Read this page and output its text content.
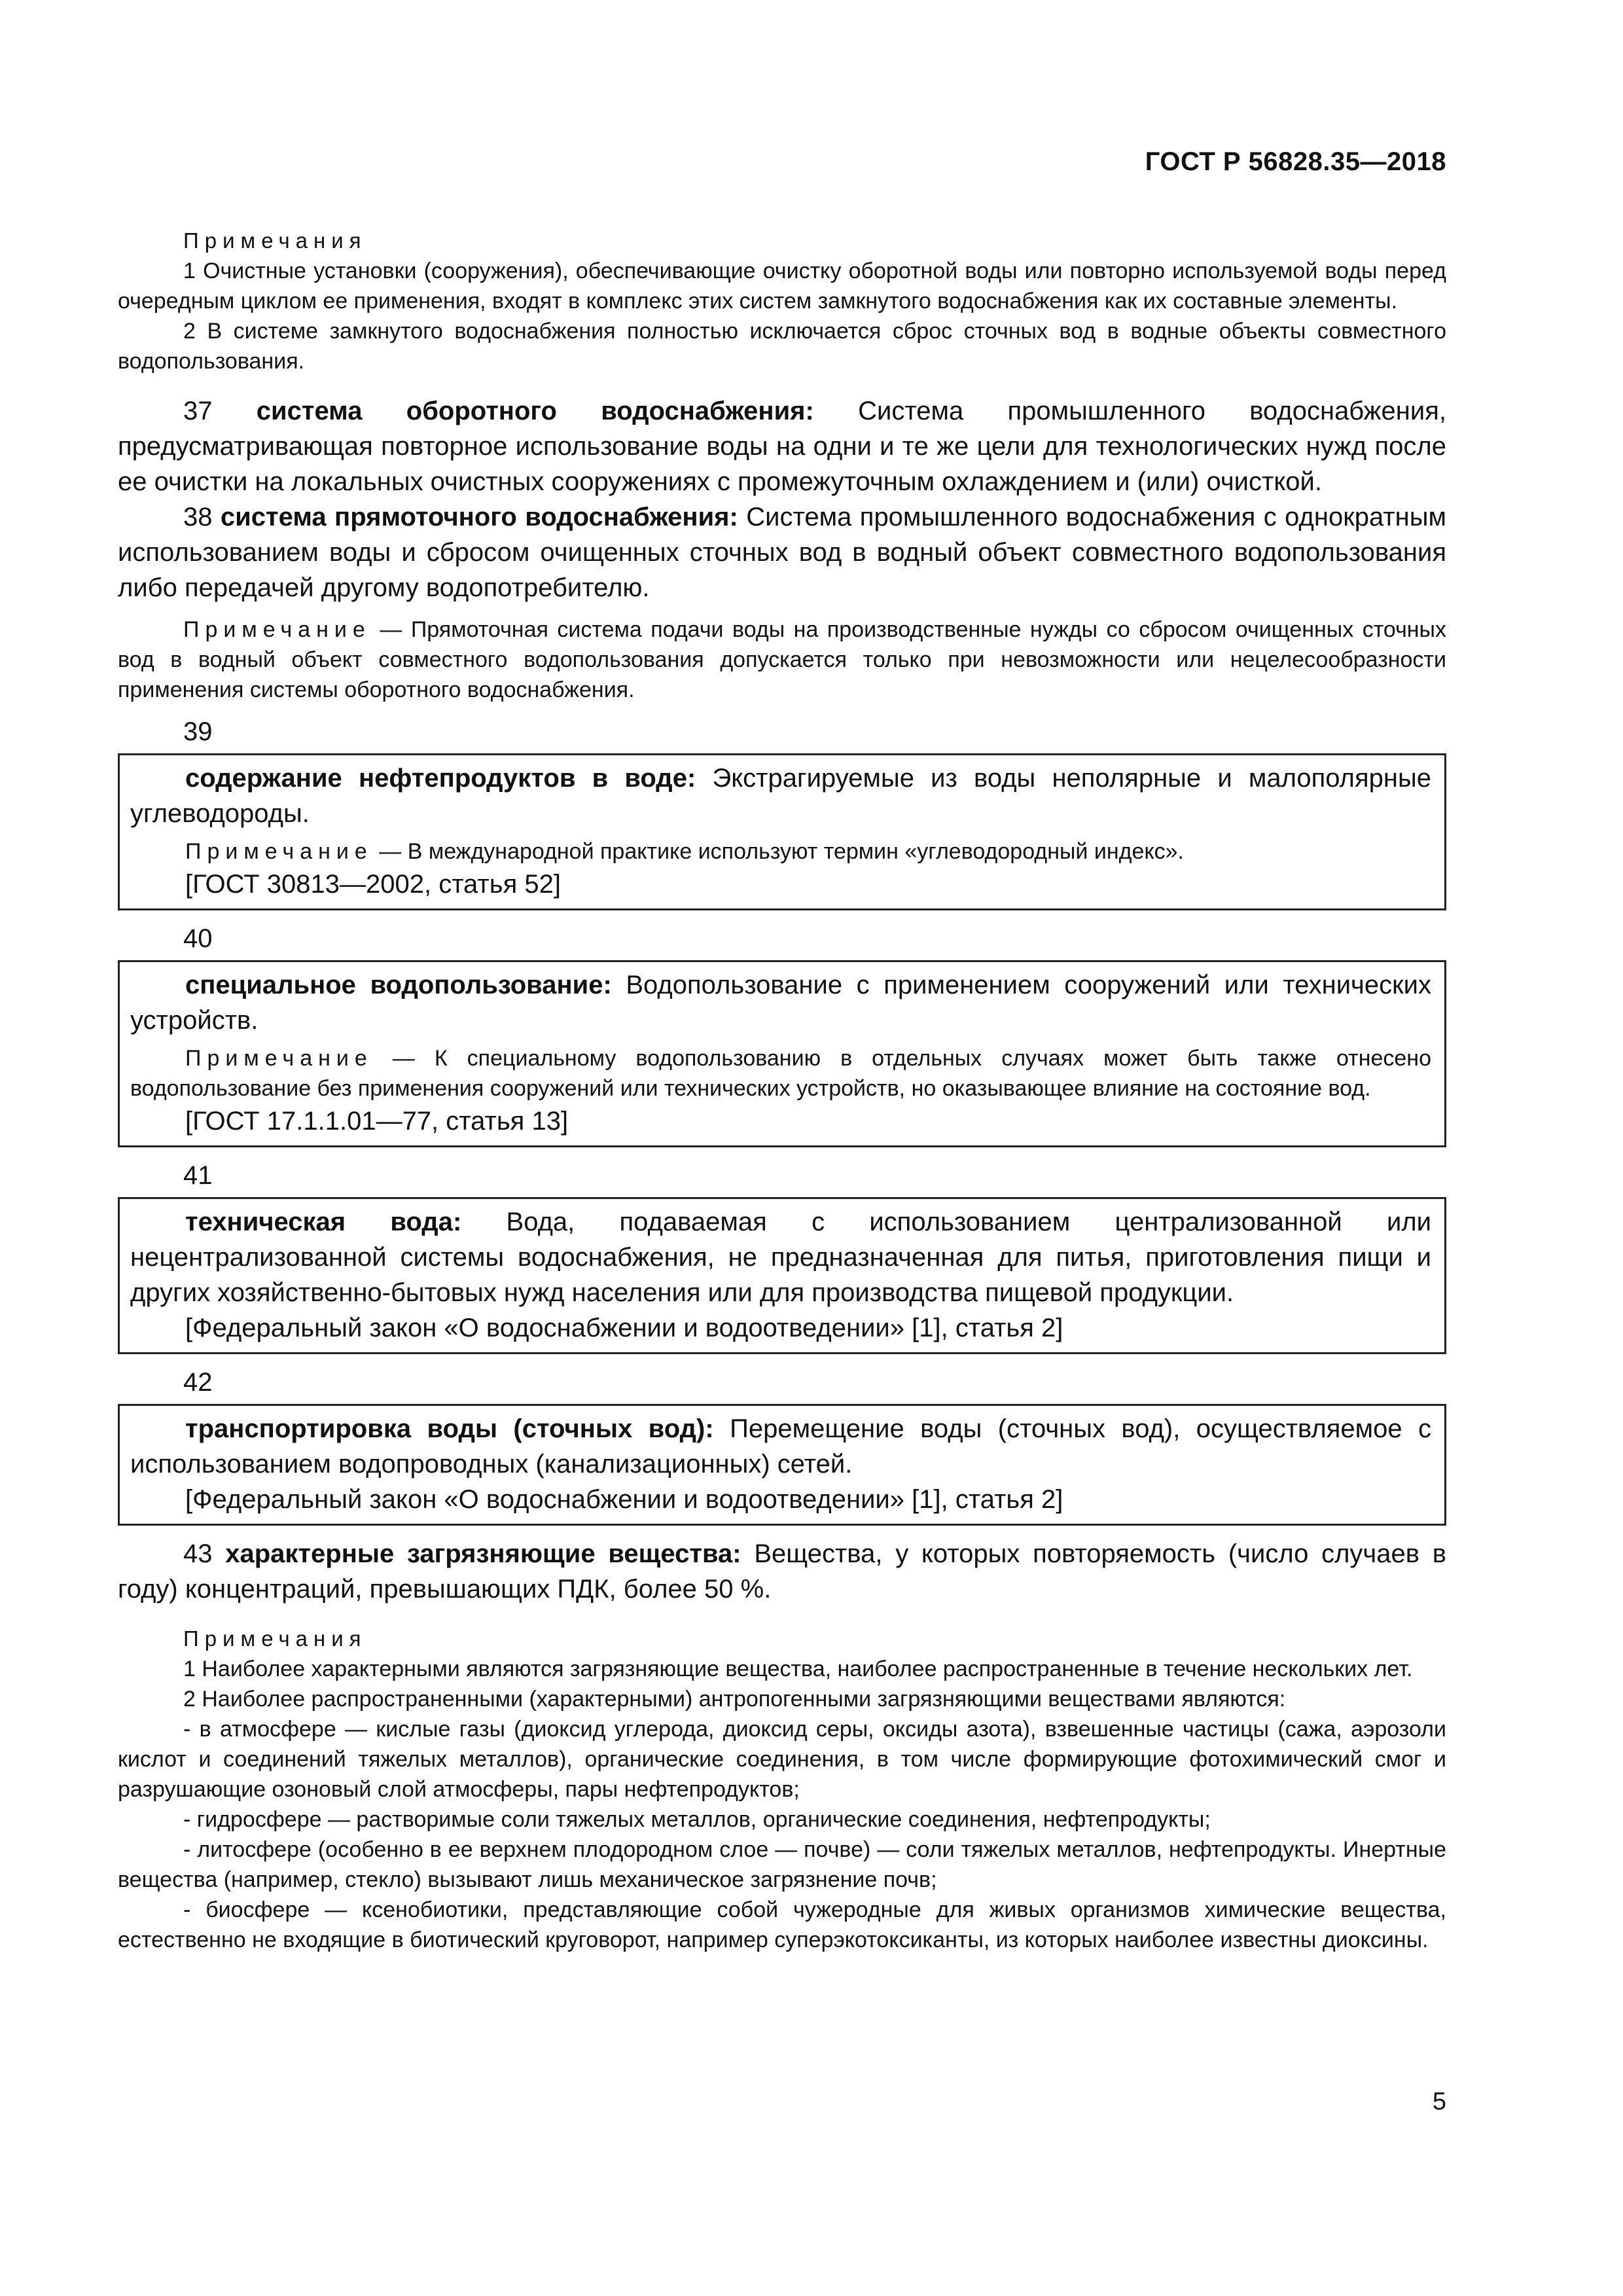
ГОСТ Р 56828.35—2018
Примечания

1 Очистные установки (сооружения), обеспечивающие очистку оборотной воды или повторно используемой воды перед очередным циклом ее применения, входят в комплекс этих систем замкнутого водоснабжения как их составные элементы.

2 В системе замкнутого водоснабжения полностью исключается сброс сточных вод в водные объекты совместного водопользования.

37 система оборотного водоснабжения: Система промышленного водоснабжения, предусматривающая повторное использование воды на одни и те же цели для технологических нужд после ее очистки на локальных очистных сооружениях с промежуточным охлаждением и (или) очисткой.

38 система прямоточного водоснабжения: Система промышленного водоснабжения с однократным использованием воды и сбросом очищенных сточных вод в водный объект совместного водопользования либо передачей другому водопотребителю.

Примечание — Прямоточная система подачи воды на производственные нужды со сбросом очищенных сточных вод в водный объект совместного водопользования допускается только при невозможности или нецелесообразности применения системы оборотного водоснабжения.

39

содержание нефтепродуктов в воде: Экстрагируемые из воды неполярные и малополярные углеводороды.

Примечание — В международной практике используют термин «углеводородный индекс».

[ГОСТ 30813—2002, статья 52]
40

специальное водопользование: Водопользование с применением сооружений или технических устройств.

Примечание — К специальному водопользованию в отдельных случаях может быть также отнесено водопользование без применения сооружений или технических устройств, но оказывающее влияние на состояние вод.

[ГОСТ 17.1.1.01—77, статья 13]
41

техническая вода: Вода, подаваемая с использованием централизованной или нецентрализованной системы водоснабжения, не предназначенная для питья, приготовления пищи и других хозяйственно-бытовых нужд населения или для производства пищевой продукции.

[Федеральный закон «О водоснабжении и водоотведении» [1], статья 2]
42

транспортировка воды (сточных вод): Перемещение воды (сточных вод), осуществляемое с использованием водопроводных (канализационных) сетей.

[Федеральный закон «О водоснабжении и водоотведении» [1], статья 2]

43 характерные загрязняющие вещества: Вещества, у которых повторяемость (число случаев в году) концентраций, превышающих ПДК, более 50 %.

Примечания

1 Наиболее характерными являются загрязняющие вещества, наиболее распространенные в течение нескольких лет.

2 Наиболее распространенными (характерными) антропогенными загрязняющими веществами являются:

- в атмосфере — кислые газы (диоксид углерода, диоксид серы, оксиды азота), взвешенные частицы (сажа, аэрозоли кислот и соединений тяжелых металлов), органические соединения, в том числе формирующие фотохимический смог и разрушающие озоновый слой атмосферы, пары нефтепродуктов;

- гидросфере — растворимые соли тяжелых металлов, органические соединения, нефтепродукты;

- литосфере (особенно в ее верхнем плодородном слое — почве) — соли тяжелых металлов, нефтепродукты. Инертные вещества (например, стекло) вызывают лишь механическое загрязнение почв;

- биосфере — ксенобиотики, представляющие собой чужеродные для живых организмов химические вещества, естественно не входящие в биотический круговорот, например суперэкотоксиканты, из которых наиболее известны диоксины.

5
